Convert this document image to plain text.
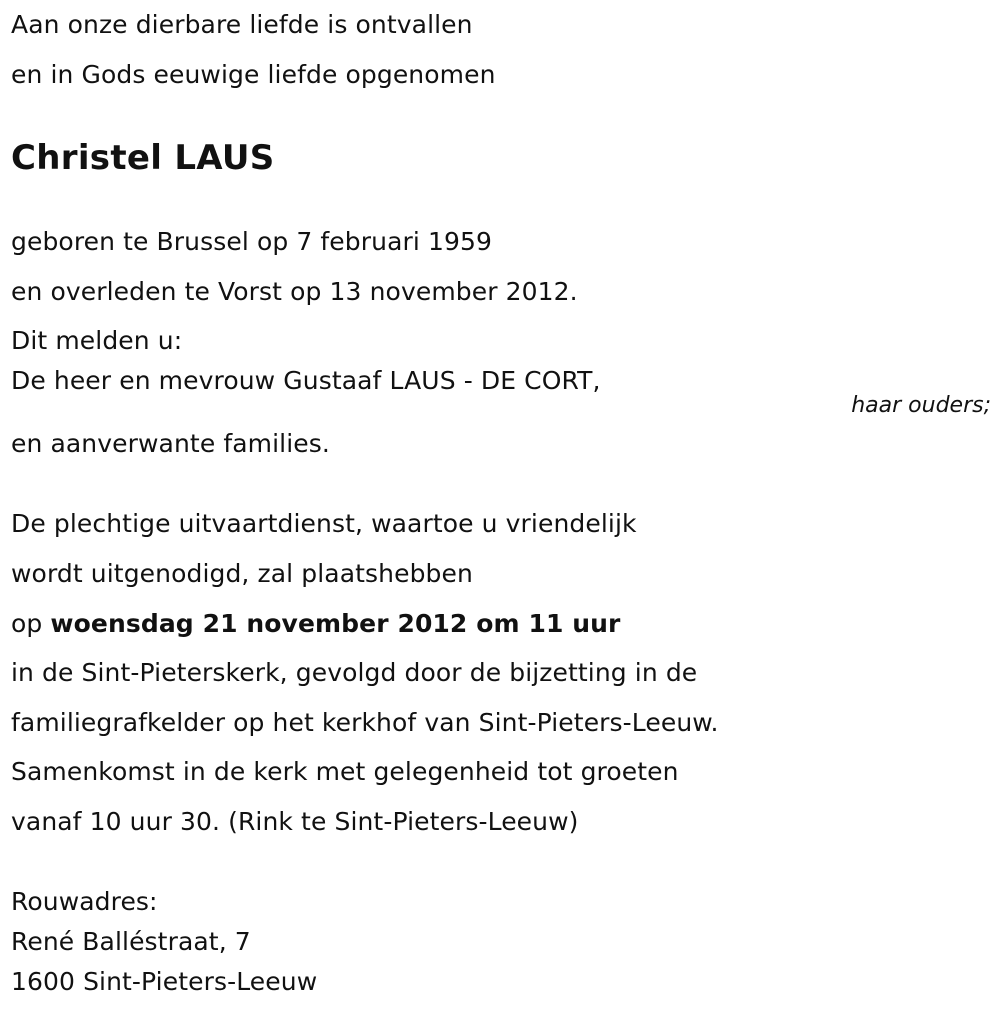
Aan onze dierbare liefde is ontvallen
en in Gods eeuwige liefde opgenomen
Christel LAUS
geboren te Brussel op 7 februari 1959
en overleden te Vorst op 13 november 2012.
Dit melden u:
De heer en mevrouw Gustaaf LAUS - DE CORT,
haar ouders;
en aanverwante families.
De plechtige uitvaartdienst, waartoe u vriendelijk
wordt uitgenodigd, zal plaatshebben
op woensdag 21 november 2012 om 11 uur
in de Sint-Pieterskerk, gevolgd door de bijzetting in de
familiegrafkelder op het kerkhof van Sint-Pieters-Leeuw.
Samenkomst in de kerk met gelegenheid tot groeten
vanaf 10 uur 30. (Rink te Sint-Pieters-Leeuw)
Rouwadres:
René Balléstraat, 7
1600 Sint-Pieters-Leeuw
